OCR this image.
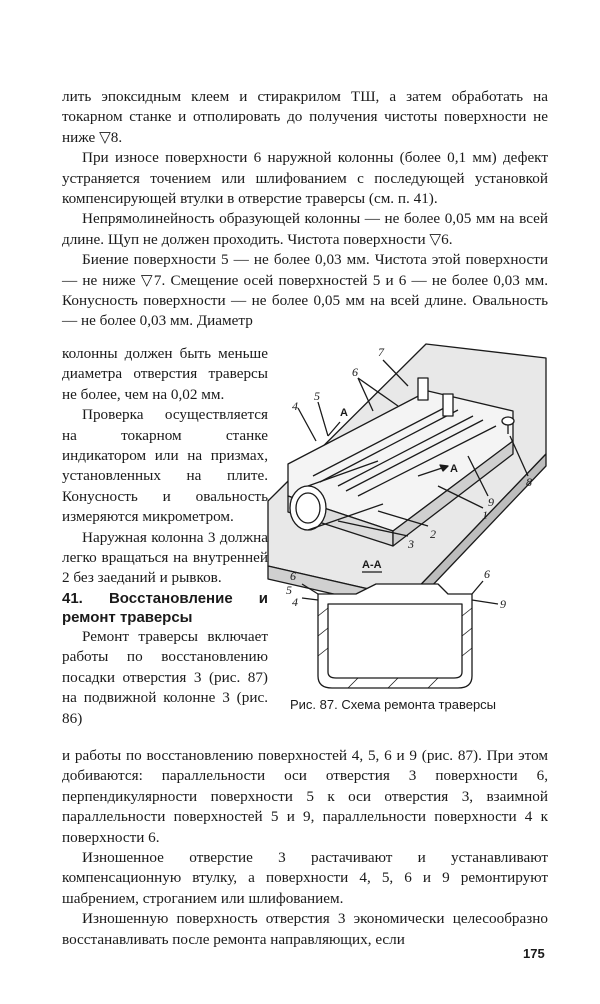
лить эпоксидным клеем и стиракрилом ТШ, а затем обработать на токарном станке и отполировать до получения чистоты поверхности не ниже ▽8.

При износе поверхности 6 наружной колонны (более 0,1 мм) дефект устраняется точением или шлифованием с последующей установкой компенсирующей втулки в отверстие траверсы (см. п. 41).

Непрямолинейность образующей колонны — не более 0,05 мм на всей длине. Щуп не должен проходить. Чистота поверхности ▽6.

Биение поверхности 5 — не более 0,03 мм. Чистота этой поверхности — не ниже ▽7. Смещение осей поверхностей 5 и 6 — не более 0,03 мм. Конусность поверхности — не более 0,05 мм на всей длине. Овальность — не более 0,03 мм. Диаметр

колонны должен быть меньше диаметра отверстия траверсы не более, чем на 0,02 мм.

Проверка осуществляется на токарном станке индикатором или на призмах, установленных на плите. Конусность и овальность измеряются микрометром.

Наружная колонна 3 должна легко вращаться на внутренней 2 без заеданий и рывков.

41. Восстановление и ремонт траверсы

Ремонт траверсы включает работы по восстановлению посадки отверстия 3 (рис. 87) на подвижной колонне 3 (рис. 86)

7
6
5
4	A
A
8
9
1
2
3
А-А
6
5
4
6
9
Рис. 87. Схема ремонта траверсы

и работы по восстановлению поверхностей 4, 5, 6 и 9 (рис. 87). При этом добиваются: параллельности оси отверстия 3 поверхности 6, перпендикулярности поверхности 5 к оси отверстия 3, взаимной параллельности поверхностей 5 и 9, параллельности поверхности 4 к поверхности 6.

Изношенное отверстие 3 растачивают и устанавливают компенсационную втулку, а поверхности 4, 5, 6 и 9 ремонтируют шабрением, строганием или шлифованием.

Изношенную поверхность отверстия 3 экономически целесообразно восстанавливать после ремонта направляющих, если

175
